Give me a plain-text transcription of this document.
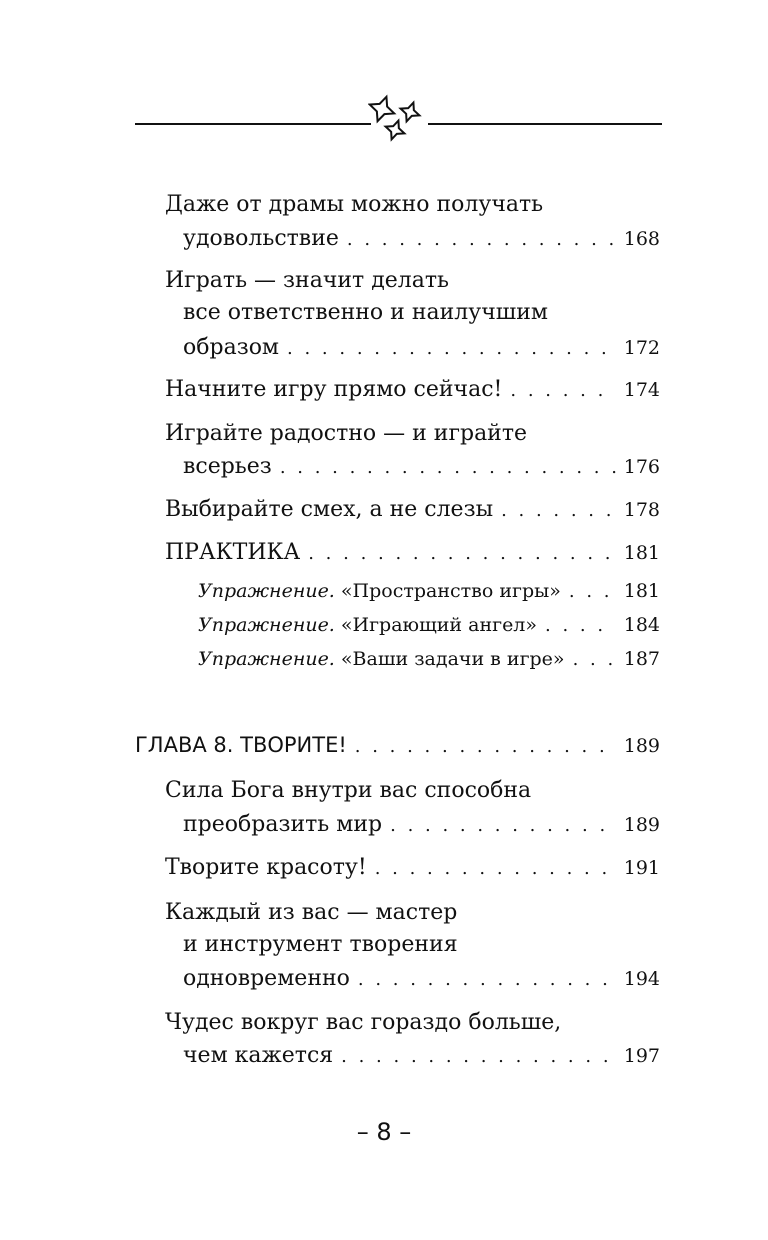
Даже от драмы можно получать
удовольствие . . .	168
Играть — значит делать
все ответственно и наилучшим
образом . . .	172
Начните игру прямо сейчас! . . .	174
Играйте радостно — и играйте
всерьез . . .	176
Выбирайте смех, а не слезы . . .	178
ПРАКТИКА . . .	181
Упражнение. «Пространство игры» . . .	181
Упражнение. «Играющий ангел» . . .	184
Упражнение. «Ваши задачи в игре» . . .	187
ГЛАВА 8. ТВОРИТЕ! . . .	189
Сила Бога внутри вас способна
преобразить мир . . .	189
Творите красоту! . . .	191
Каждый из вас — мастер
и инструмент творения
одновременно . . .	194
Чудес вокруг вас гораздо больше,
чем кажется . . .	197
– 8 –
